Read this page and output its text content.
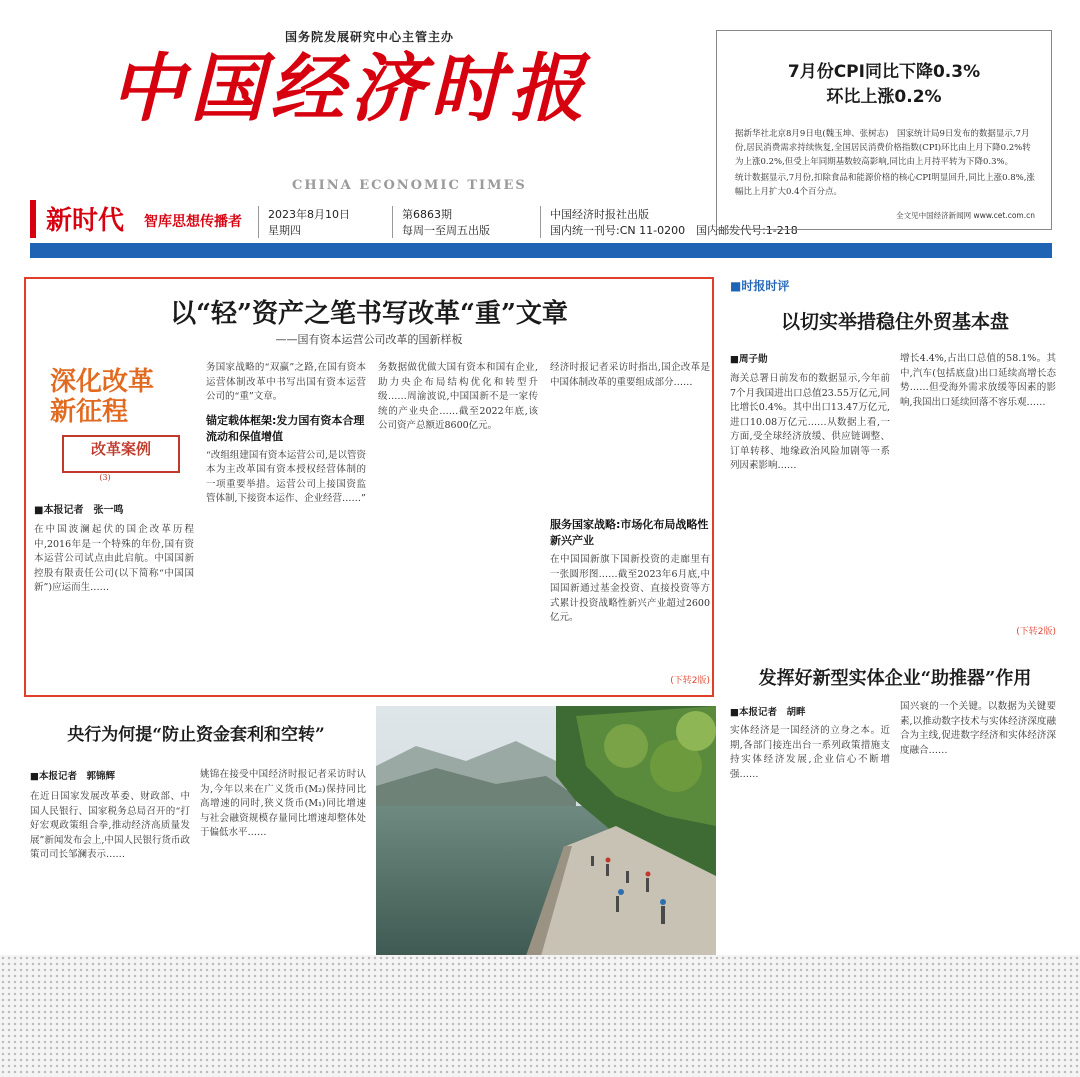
国务院发展研究中心主管主办
中国经济时报
CHINA ECONOMIC TIMES
新时代 智库思想传播者 2023年8月10日
星期四
第6863期
每周一至周五出版
中国经济时报社出版
国内统一刊号:CN 11-0200　国内邮发代号:1-218
7月份CPI同比下降0.3%
环比上涨0.2%

据新华社北京8月9日电(魏玉坤、张树志)　国家统计局9日发布的数据显示,7月份,居民消费需求持续恢复,全国居民消费价格指数(CPI)环比由上月下降0.2%转为上涨0.2%,但受上年同期基数较高影响,同比由上月持平转为下降0.3%。

统计数据显示,7月份,扣除食品和能源价格的核心CPI明显回升,同比上涨0.8%,涨幅比上月扩大0.4个百分点。

全文见中国经济新闻网 www.cet.com.cn
以“轻”资产之笔书写改革“重”文章
——国有资本运营公司改革的国新样板
深化改革
新征程
改革案例
(3)
■本报记者　张一鸣
在中国波澜起伏的国企改革历程中,2016年是一个特殊的年份,国有资本运营公司试点由此启航。中国国新控股有限责任公司(以下简称“中国国新”)应运而生……
务国家战略的“双赢”之路,在国有资本运营体制改革中书写出国有资本运营公司的“重”文章。
锚定载体框架:发力国有资本合理流动和保值增值
“改组组建国有资本运营公司,是以管资本为主改革国有资本授权经营体制的一项重要举措。运营公司上接国资监管体制,下接资本运作、企业经营……”
务数据做优做大国有资本和国有企业,助力央企布局结构优化和转型升级……周渝波说,中国国新不是一家传统的产业央企……截至2022年底,该公司资产总额近8600亿元。
经济时报记者采访时指出,国企改革是中国体制改革的重要组成部分……
服务国家战略:市场化布局战略性新兴产业
在中国国新旗下国新投资的走廊里有一张圆形图……截至2023年6月底,中国国新通过基金投资、直接投资等方式累计投资战略性新兴产业超过2600亿元。
(下转2版)
■时报时评
以切实举措稳住外贸基本盘
■周子勋
海关总署日前发布的数据显示,今年前7个月我国进出口总值23.55万亿元,同比增长0.4%。其中出口13.47万亿元,进口10.08万亿元……从数据上看,一方面,受全球经济放缓、供应链调整、订单转移、地缘政治风险加剧等一系列因素影响……
增长4.4%,占出口总值的58.1%。其中,汽车(包括底盘)出口延续高增长态势……但受海外需求放缓等因素的影响,我国出口延续回落不容乐观……
(下转2版)
发挥好新型实体企业“助推器”作用
■本报记者　胡畔
实体经济是一国经济的立身之本。近期,各部门接连出台一系列政策措施支持实体经济发展,企业信心不断增强……
国兴衰的一个关键。以数据为关键要素,以推动数字技术与实体经济深度融合为主线,促进数字经济和实体经济深度融合……
央行为何提“防止资金套利和空转”
■本报记者　郭锦辉
在近日国家发展改革委、财政部、中国人民银行、国家税务总局召开的“打好宏观政策组合拳,推动经济高质量发展”新闻发布会上,中国人民银行货币政策司司长邹澜表示……
姚锦在接受中国经济时报记者采访时认为,今年以来在广义货币(M₂)保持同比高增速的同时,狭义货币(M₁)同比增速与社会融资规模存量同比增速却整体处于偏低水平……
